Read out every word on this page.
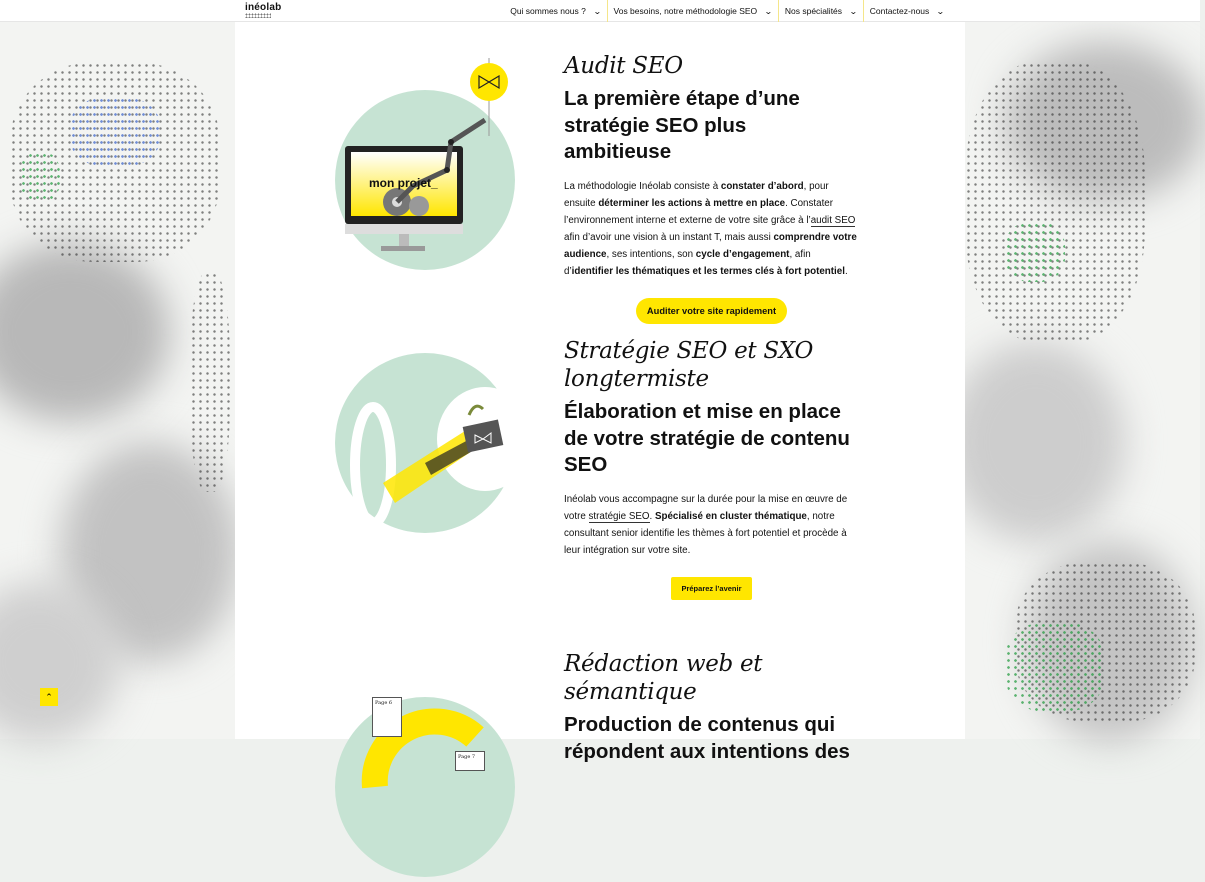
inéolab	Qui sommes nous ? ⌄ Vos besoins, notre méthodologie SEO ⌄ Nos spécialités ⌄ Contactez-nous ⌄
mon projet_
Audit SEO
La première étape d’une stratégie SEO plus ambitieuse

La méthodologie Inéolab consiste à constater d’abord, pour ensuite déterminer les actions à mettre en place. Constater l’environnement interne et externe de votre site grâce à l’audit SEO afin d’avoir une vision à un instant T, mais aussi comprendre votre audience, ses intentions, son cycle d’engagement, afin d’identifier les thématiques et les termes clés à fort potentiel.

Auditer votre site rapidement
Stratégie SEO et SXO longtermiste
Élaboration et mise en place de votre stratégie de contenu SEO

Inéolab vous accompagne sur la durée pour la mise en œuvre de votre stratégie SEO. Spécialisé en cluster thématique, notre consultant senior identifie les thèmes à fort potentiel et procède à leur intégration sur votre site.

Préparez l’avenir
Page 6
Page 7
Rédaction web et sémantique
Production de contenus qui répondent aux intentions des
⌃
